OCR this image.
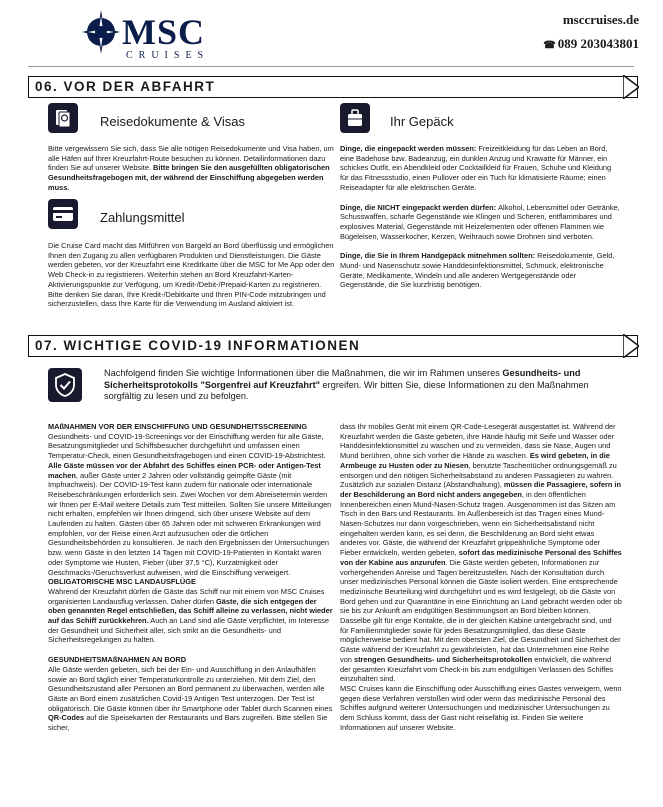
MSC
CRUISES
msccruises.de
☎ 089 203043801
06. VOR DER ABFAHRT
Reisedokumente & Visas

Bitte vergewissern Sie sich, dass Sie alle nötigen Reisedokumente und Visa haben, um alle Häfen auf Ihrer Kreuzfahrt-Route besuchen zu können. Detailinformationen dazu finden Sie auf unserer Website. Bitte bringen Sie den ausgefüllten obligatorischen Gesundheitsfragebogen mit, der während der Einschiffung abgegeben werden muss.

Zahlungsmittel
Die Cruise Card macht das Mitführen von Bargeld an Bord überflüssig und ermöglichen Ihnen den Zugang zu allen verfügbaren Produkten und Dienstleistungen. Die Gäste werden gebeten, vor der Kreuzfahrt eine Kreditkarte über die MSC for Me App oder den Web Check-in zu registrieren. Weiterhin stehen an Bord Kreuzfahrt-Karten-Aktivierungspunkte zur Verfügung, um Kredit-/Debit-/Prepaid-Karten zu registrieren. Bitte denken Sie daran, Ihre Kredit-/Debitkarte und Ihren PIN-Code mitzubringen und sicherzustellen, dass Ihre Karte für die Verwendung im Ausland aktiviert ist.
Ihr Gepäck

Dinge, die eingepackt werden müssen: Freizeitkleidung für das Leben an Bord, eine Badehose bzw. Badeanzug, ein dunklen Anzug und Krawatte für Männer, ein schickes Outfit, ein Abendkleid oder Cocktailkleid für Frauen, Schuhe und Kleidung für das Fitnessstudio, einen Pullover oder ein Tuch für klimatisierte Räume; einen Reiseadapter für alle elektrischen Geräte.

Dinge, die NICHT eingepackt werden dürfen: Alkohol, Lebensmittel oder Getränke, Schusswaffen, scharfe Gegenstände wie Klingen und Scheren, entflammbares und explosives Material, Gegenstände mit Heizelementen oder offenen Flammen wie Bügeleisen, Wasserkocher, Kerzen, Weihrauch sowie Drohnen sind verboten.

Dinge, die Sie in Ihrem Handgepäck mitnehmen sollten: Reisedokumente, Geld, Mund- und Nasenschutz sowie Handdesinfektionsmittel, Schmuck, elektronische Geräte, Medikamente, Windeln und alle anderen Wertgegenstände oder Gegenstände, die Sie kurzfristig benötigen.

07. WICHTIGE COVID-19 INFORMATIONEN
Nachfolgend finden Sie wichtige Informationen über die Maßnahmen, die wir im Rahmen unseres Gesundheits- und Sicherheitsprotokolls "Sorgenfrei auf Kreuzfahrt" ergreifen. Wir bitten Sie, diese Informationen zu den Maßnahmen sorgfältig zu lesen und zu befolgen.

MAßNAHMEN VOR DER EINSCHIFFUNG UND GESUNDHEITSSCREENING

Gesundheits- und COVID-19-Screenings vor der Einschiffung werden für alle Gäste, Besatzungsmitglieder und Schiffsbesucher durchgeführt und umfassen einen Temperatur-Check, einen Gesundheitsfragebogen und einen COVID-19-Abstrichtest.

Alle Gäste müssen vor der Abfahrt des Schiffes einen PCR- oder Antigen-Test machen, außer Gäste unter 2 Jahren oder vollständig geimpfte Gäste (mit Impfnachweis). Der COVID-19-Test kann zudem für nationale oder internationale Reisebeschränkungen erforderlich sein. Zwei Wochen vor dem Abreisetermin werden wir Ihnen per E-Mail weitere Details zum Test mitteilen. Sollten Sie unsere Mitteilungen nicht erhalten, empfehlen wir Ihnen dringend, sich über unsere Website auf dem Laufenden zu halten. Gästen über 65 Jahren oder mit schweren Erkrankungen wird empfohlen, vor der Reise einen Arzt aufzusuchen oder die örtlichen Gesundheitsbehörden zu konsultieren. Je nach den Ergebnissen der Untersuchungen bzw. wenn Gäste in den letzten 14 Tagen mit COVID-19-Patienten in Kontakt waren oder Symptome wie Husten, Fieber (über 37,5 °C), Kurzatmigkeit oder Geschmacks-/Geruchsverlust aufweisen, wird die Einschiffung verweigert.

OBLIGATORISCHE MSC LANDAUSFLÜGE

Während der Kreuzfahrt dürfen die Gäste das Schiff nur mit einem von MSC Cruises organisierten Landausflug verlassen. Daher dürfen Gäste, die sich entgegen der oben genannten Regel entschließen, das Schiff alleine zu verlassen, nicht wieder auf das Schiff zurückkehren. Auch an Land sind alle Gäste verpflichtet, im Interesse der Gesundheit und Sicherheit aller, sich strikt an die Gesundheits- und Sicherheitsregelungen zu halten.

GESUNDHEITSMAßNAHMEN AN BORD

Alle Gäste werden gebeten, sich bei der Ein- und Ausschiffung in den Anlaufhäfen sowie an Bord täglich einer Temperaturkontrolle zu unterziehen. Mit dem Ziel, den Gesundheitszustand aller Personen an Bord permanent zu überwachen, werden alle Gäste an Bord einem zusätzlichen Covid-19 Antigen Test unterzogen. Der Test ist obligatorisch. Die Gäste können über ihr Smartphone oder Tablet durch Scannen eines QR-Codes auf die Speisekarten der Restaurants und Bars zugreifen. Bitte stellen Sie sicher,

dass Ihr mobiles Gerät mit einem QR-Code-Lesegerät ausgestattet ist. Während der Kreuzfahrt werden die Gäste gebeten, ihre Hände häufig mit Seife und Wasser oder Handdesinfektionsmittel zu waschen und zu vermeiden, dass sie Nase, Augen und Mund berühren, ohne sich vorher die Hände zu waschen. Es wird gebeten, in die Armbeuge zu Husten oder zu Niesen, benutzte Taschentücher ordnungsgemäß zu entsorgen und den nötigen Sicherheitsabstand zu anderen Passagieren zu wahren. Zusätzlich zur sozialen Distanz (Abstandhaltung), müssen die Passagiere, sofern in der Beschilderung an Bord nicht anders angegeben, in den öffentlichen Innenbereichen einen Mund-Nasen-Schutz tragen. Ausgenommen ist das Sitzen am Tisch in den Bars und Restaurants. Im Außenbereich ist das Tragen eines Mund-Nasen-Schutzes nur dann vorgeschrieben, wenn ein Sicherheitsabstand nicht eingehalten werden kann, es sei denn, die Beschilderung an Bord sieht etwas anderes vor. Gäste, die während der Kreuzfahrt grippeähnliche Symptome oder Fieber entwickeln, werden gebeten, sofort das medizinische Personal des Schiffes von der Kabine aus anzurufen. Die Gäste werden gebeten, Informationen zur vorhergehenden Anreise und Tagen bereitzustellen. Nach der Konsultation durch unser medizinisches Personal können die Gäste isoliert werden. Eine entsprechende medizinische Beurteilung wird durchgeführt und es wird festgelegt, ob die Gäste von Bord gehen und zur Quarantäne in eine Einrichtung an Land gebracht werden oder ob sie bis zur Ankunft am endgültigen Bestimmungsort an Bord bleiben können. Dasselbe gilt für enge Kontakte, die in der gleichen Kabine untergebracht sind, und für Familienmitglieder sowie für jedes Besatzungsmitglied, das diese Gäste möglicherweise bedient hat. Mit dem obersten Ziel, die Gesundheit und Sicherheit der Gäste während der Kreuzfahrt zu gewährleisten, hat das Unternehmen eine Reihe von strengen Gesundheits- und Sicherheitsprotokollen entwickelt, die während der gesamten Kreuzfahrt vom Check-in bis zum endgültigen Verlassen des Schiffes einzuhalten sind.

MSC Cruises kann die Einschiffung oder Ausschiffung eines Gastes verweigern, wenn gegen diese Verfahren verstoßen wird oder wenn das medizinische Personal des Schiffes aufgrund weiterer Untersuchungen und medizinischer Untersuchungen zu dem Schluss kommt, dass der Gast nicht reisefähig ist. Finden Sie weitere Informationen auf unserer Website.
